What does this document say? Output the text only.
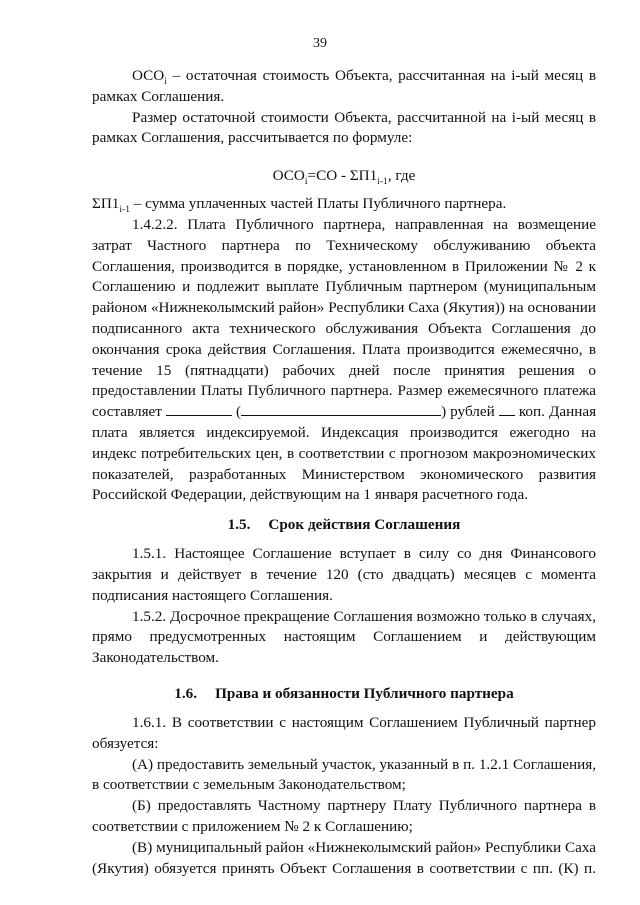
39
$ОСО_i$ – остаточная стоимость Объекта, рассчитанная на i-ый месяц в
рамках Соглашения.
Размер остаточной стоимости Объекта, рассчитанной на i-ый месяц в
рамках Соглашения, рассчитывается по формуле:
$ОСО_i=СО - \Sigma П1_{i-1}$, где
$\Sigma П1_{i-1}$ – сумма уплаченных частей Платы Публичного партнера.
1.4.2.2. Плата Публичного партнера, направленная на возмещение
затрат Частного партнера по Техническому обслуживанию объекта
Соглашения, производится в порядке, установленном в Приложении № 2 к
Соглашению и подлежит выплате Публичным партнером (муниципальным
районом «Нижнеколымский район» Республики Саха (Якутия)) на основании
подписанного акта технического обслуживания Объекта Соглашения до
окончания срока действия Соглашения. Плата производится ежемесячно, в
течение 15 (пятнадцати) рабочих дней после принятия решения о
предоставлении Платы Публичного партнера. Размер ежемесячного платежа
составляет	(	) рублей коп. Данная
плата является индексируемой. Индексация производится ежегодно на
индекс потребительских цен, в соответствии с прогнозом макроэномических
показателей, разработанных Министерством экономического развития
Российской Федерации, действующим на 1 января расчетного года.
1.5. Срок действия Соглашения
1.5.1. Настоящее Соглашение вступает в силу со дня Финансового
закрытия и действует в течение 120 (сто двадцать) месяцев с момента
подписания настоящего Соглашения.
1.5.2. Досрочное прекращение Соглашения возможно только в случаях,
прямо предусмотренных настоящим Соглашением и действующим
Законодательством.
1.6. Права и обязанности Публичного партнера
1.6.1. В соответствии с настоящим Соглашением Публичный партнер
обязуется:
(А) предоставить земельный участок, указанный в п. 1.2.1 Соглашения,
в соответствии с земельным Законодательством;
(Б) предоставлять Частному партнеру Плату Публичного партнера в
соответствии с приложением № 2 к Соглашению;
(В) муниципальный район «Нижнеколымский район» Республики Саха
(Якутия) обязуется принять Объект Соглашения в соответствии с пп. (К) п.
